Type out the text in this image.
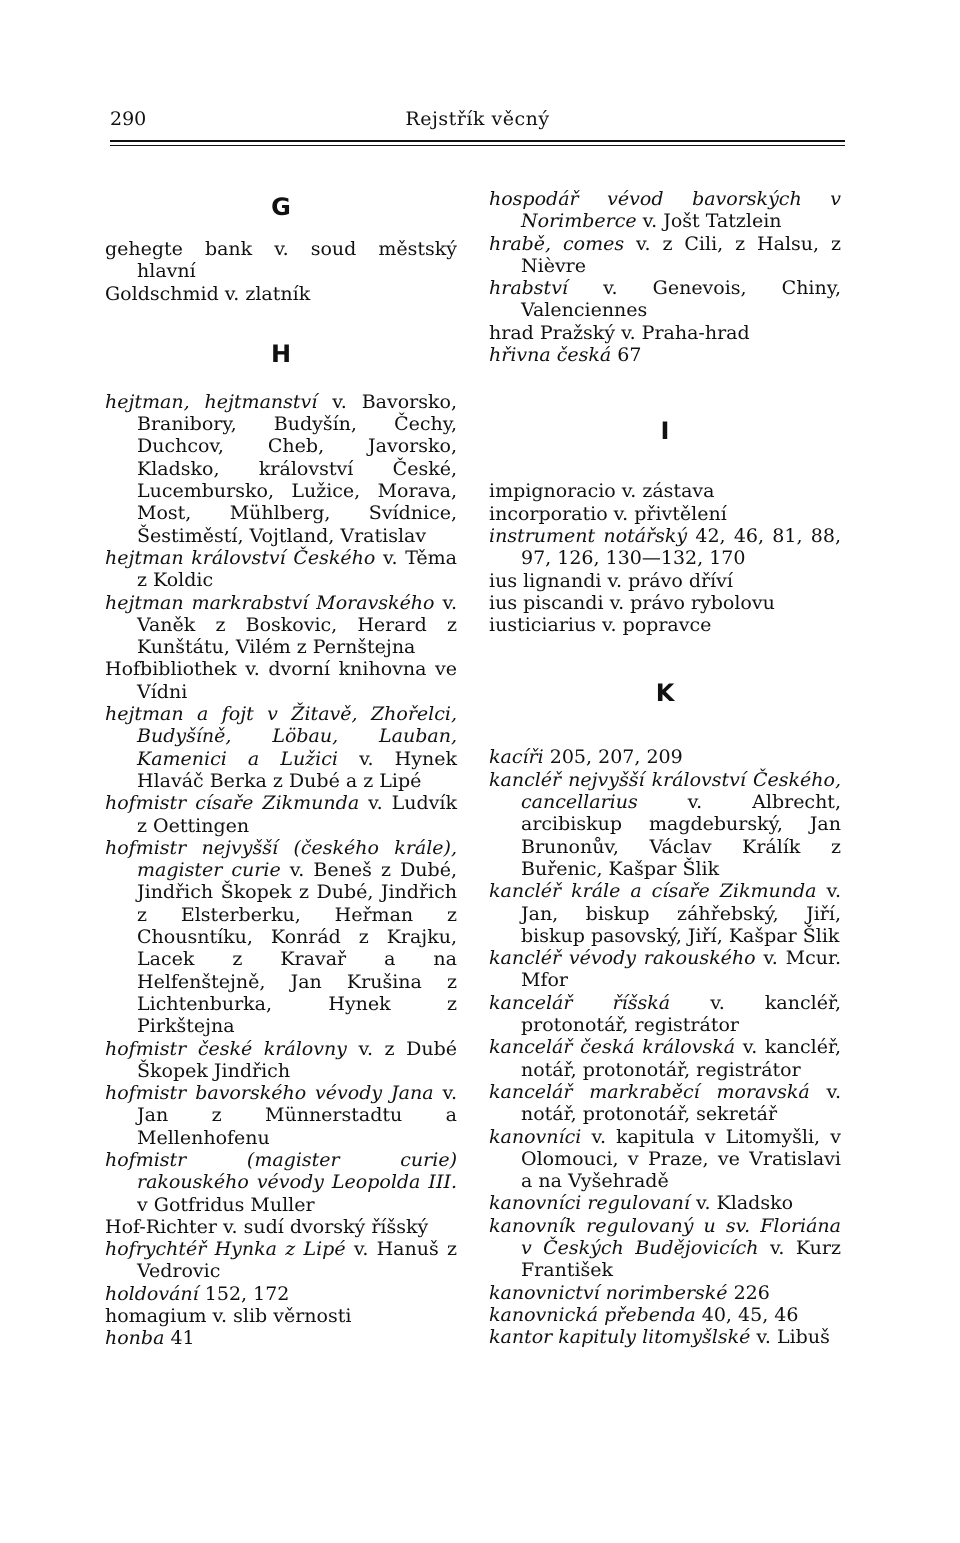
290	Rejstřík věcný
G
gehegte bank v. soud městský hlavní
Goldschmid v. zlatník
H
hejtman, hejtmanství v. Bavorsko, Branibory, Budyšín, Čechy, Duchcov, Cheb, Javorsko, Kladsko, království České, Lucembursko, Lužice, Morava, Most, Mühlberg, Svídnice, Šestiměstí, Vojtland, Vratislav
hejtman království Českého v. Těma z Koldic
hejtman markrabství Moravského v. Vaněk z Boskovic, Herard z Kunštátu, Vilém z Pernštejna
Hofbibliothek v. dvorní knihovna ve Vídni
hejtman a fojt v Žitavě, Zhořelci, Budyšíně, Löbau, Lauban, Kamenici a Lužici v. Hynek Hlaváč Berka z Dubé a z Lipé
hofmistr císaře Zikmunda v. Ludvík z Oettingen
hofmistr nejvyšší (českého krále), magister curie v. Beneš z Dubé, Jindřich Škopek z Dubé, Jindřich z Elsterberku, Heřman z Chousntíku, Konrád z Krajku, Lacek z Kravař a na Helfenštejně, Jan Krušina z Lichtenburka, Hynek z Pirkštejna
hofmistr české královny v. z Dubé Škopek Jindřich
hofmistr bavorského vévody Jana v. Jan z Münnerstadtu a Mellenhofenu
hofmistr (magister curie) rakouského vévody Leopolda III. v Gotfridus Muller
Hof-Richter v. sudí dvorský říšský
hofrychtéř Hynka z Lipé v. Hanuš z Vedrovic
holdování 152, 172
homagium v. slib věrnosti
honba 41
hospodář vévod bavorských v Norimberce v. Jošt Tatzlein
hrabě, comes v. z Cili, z Halsu, z Nièvre
hrabství v. Genevois, Chiny, Valenciennes
hrad Pražský v. Praha-hrad
hřivna česká 67
I
impignoracio v. zástava
incorporatio v. přivtělení
instrument notářský 42, 46, 81, 88, 97, 126, 130—132, 170
ius lignandi v. právo dříví
ius piscandi v. právo rybolovu
iusticiarius v. popravce
K
kacíři 205, 207, 209
kancléř nejvyšší království Českého, cancellarius v. Albrecht, arcibiskup magdeburský, Jan Brunonův, Václav Králík z Buřenic, Kašpar Šlik
kancléř krále a císaře Zikmunda v. Jan, biskup záhřebský, Jiří, biskup pasovský, Jiří, Kašpar Šlik
kancléř vévody rakouského v. Mcur. Mfor
kancelář říšská v. kancléř, protonotář, registrátor
kancelář česká královská v. kancléř, notář, protonotář, registrátor
kancelář markraběcí moravská v. notář, protonotář, sekretář
kanovníci v. kapitula v Litomyšli, v Olomouci, v Praze, ve Vratislavi a na Vyšehradě
kanovníci regulovaní v. Kladsko
kanovník regulovaný u sv. Floriána v Českých Budějovicích v. Kurz František
kanovnictví norimberské 226
kanovnická přebenda 40, 45, 46
kantor kapituly litomyšlské v. Libuš
